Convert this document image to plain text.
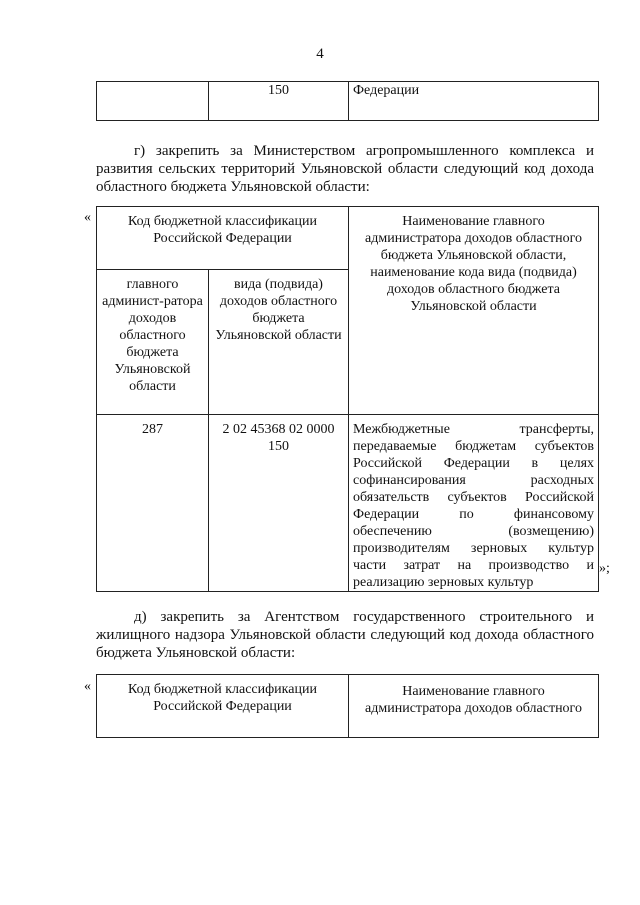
4
	150	Федерации
г) закрепить за Министерством агропромышленного комплекса и развития сельских территорий Ульяновской области следующий код дохода областного бюджета Ульяновской области:
«	Код бюджетной классификации Российской Федерации		Наименование главного администратора доходов областного бюджета Ульяновской области, наименование кода вида (подвида) доходов областного бюджета Ульяновской области
главного админист-ратора доходов областного бюджета Ульяновской области	вида (подвида) доходов областного бюджета Ульяновской области	
287	2 02 45368 02 0000 150	Межбюджетные трансферты, передаваемые бюджетам субъектов Российской Федерации в целях софинансирования расходных обязательств субъектов Российской Федерации по финансовому обеспечению (возмещению) производителям зерновых культур части затрат на производство и реализацию зерновых культур
»;
д) закрепить за Агентством государственного строительного и жилищного надзора Ульяновской области следующий код дохода областного бюджета Ульяновской области:
«	Код бюджетной классификации Российской Федерации	Наименование главного администратора доходов областного
